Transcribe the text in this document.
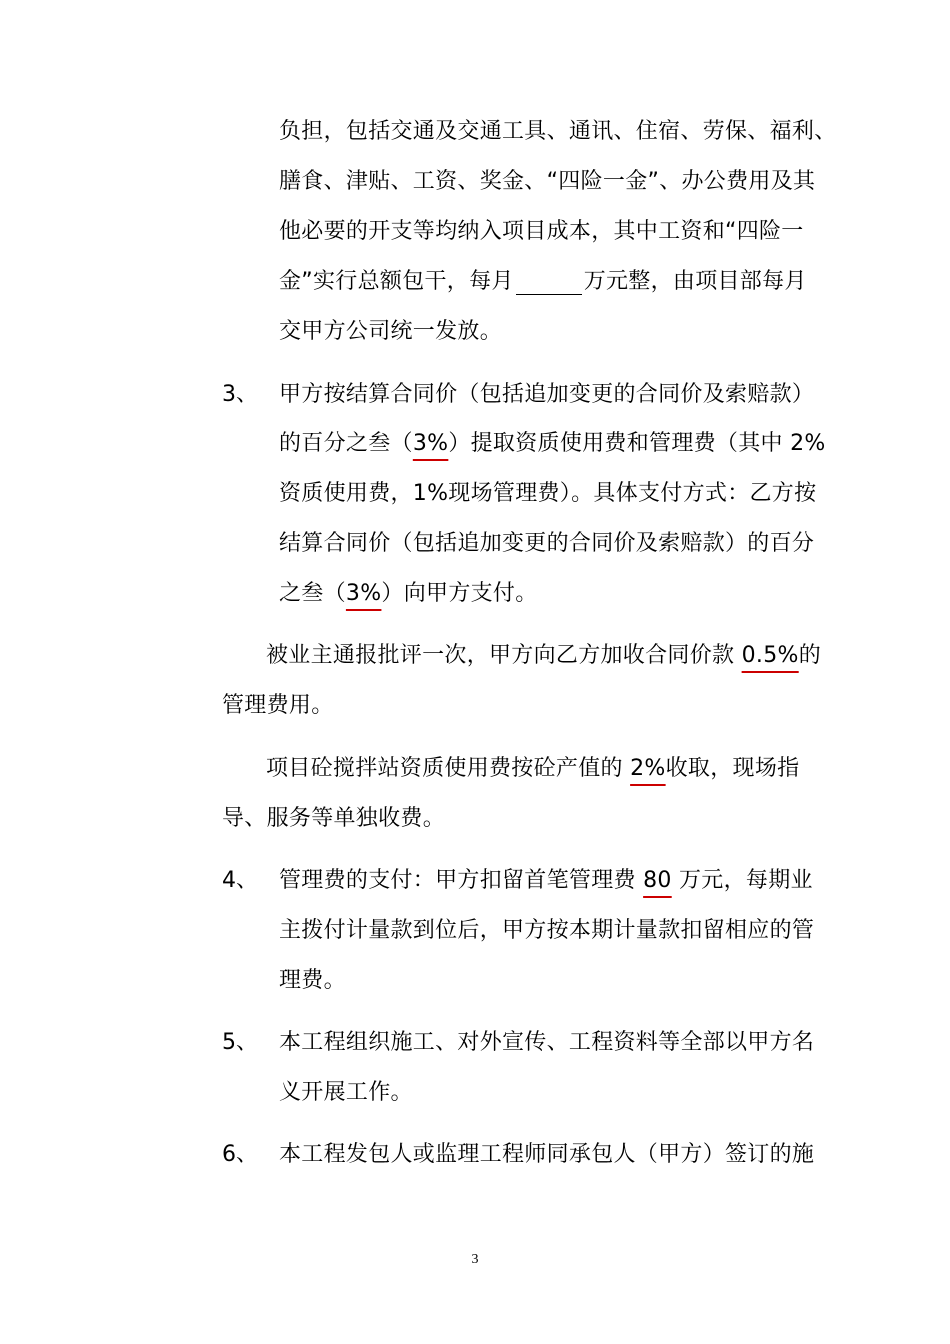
负担，包括交通及交通工具、通讯、住宿、劳保、福利、
膳食、津贴、工资、奖金、“四险一金”、办公费用及其
他必要的开支等均纳入项目成本，其中工资和“四险一
金”实行总额包干，每月	万元整，由项目部每月
交甲方公司统一发放。
3、 甲方按结算合同价（包括追加变更的合同价及索赔款）
的百分之叁（3%）提取资质使用费和管理费（其中 2%
资质使用费，1%现场管理费）。具体支付方式：乙方按
结算合同价（包括追加变更的合同价及索赔款）的百分
之叁（3%）向甲方支付。
被业主通报批评一次，甲方向乙方加收合同价款 0.5%的
管理费用。
项目砼搅拌站资质使用费按砼产值的 2%收取，现场指
导、服务等单独收费。
4、 管理费的支付：甲方扣留首笔管理费 80 万元，每期业
主拨付计量款到位后，甲方按本期计量款扣留相应的管
理费。
5、 本工程组织施工、对外宣传、工程资料等全部以甲方名
义开展工作。
6、 本工程发包人或监理工程师同承包人（甲方）签订的施
3
